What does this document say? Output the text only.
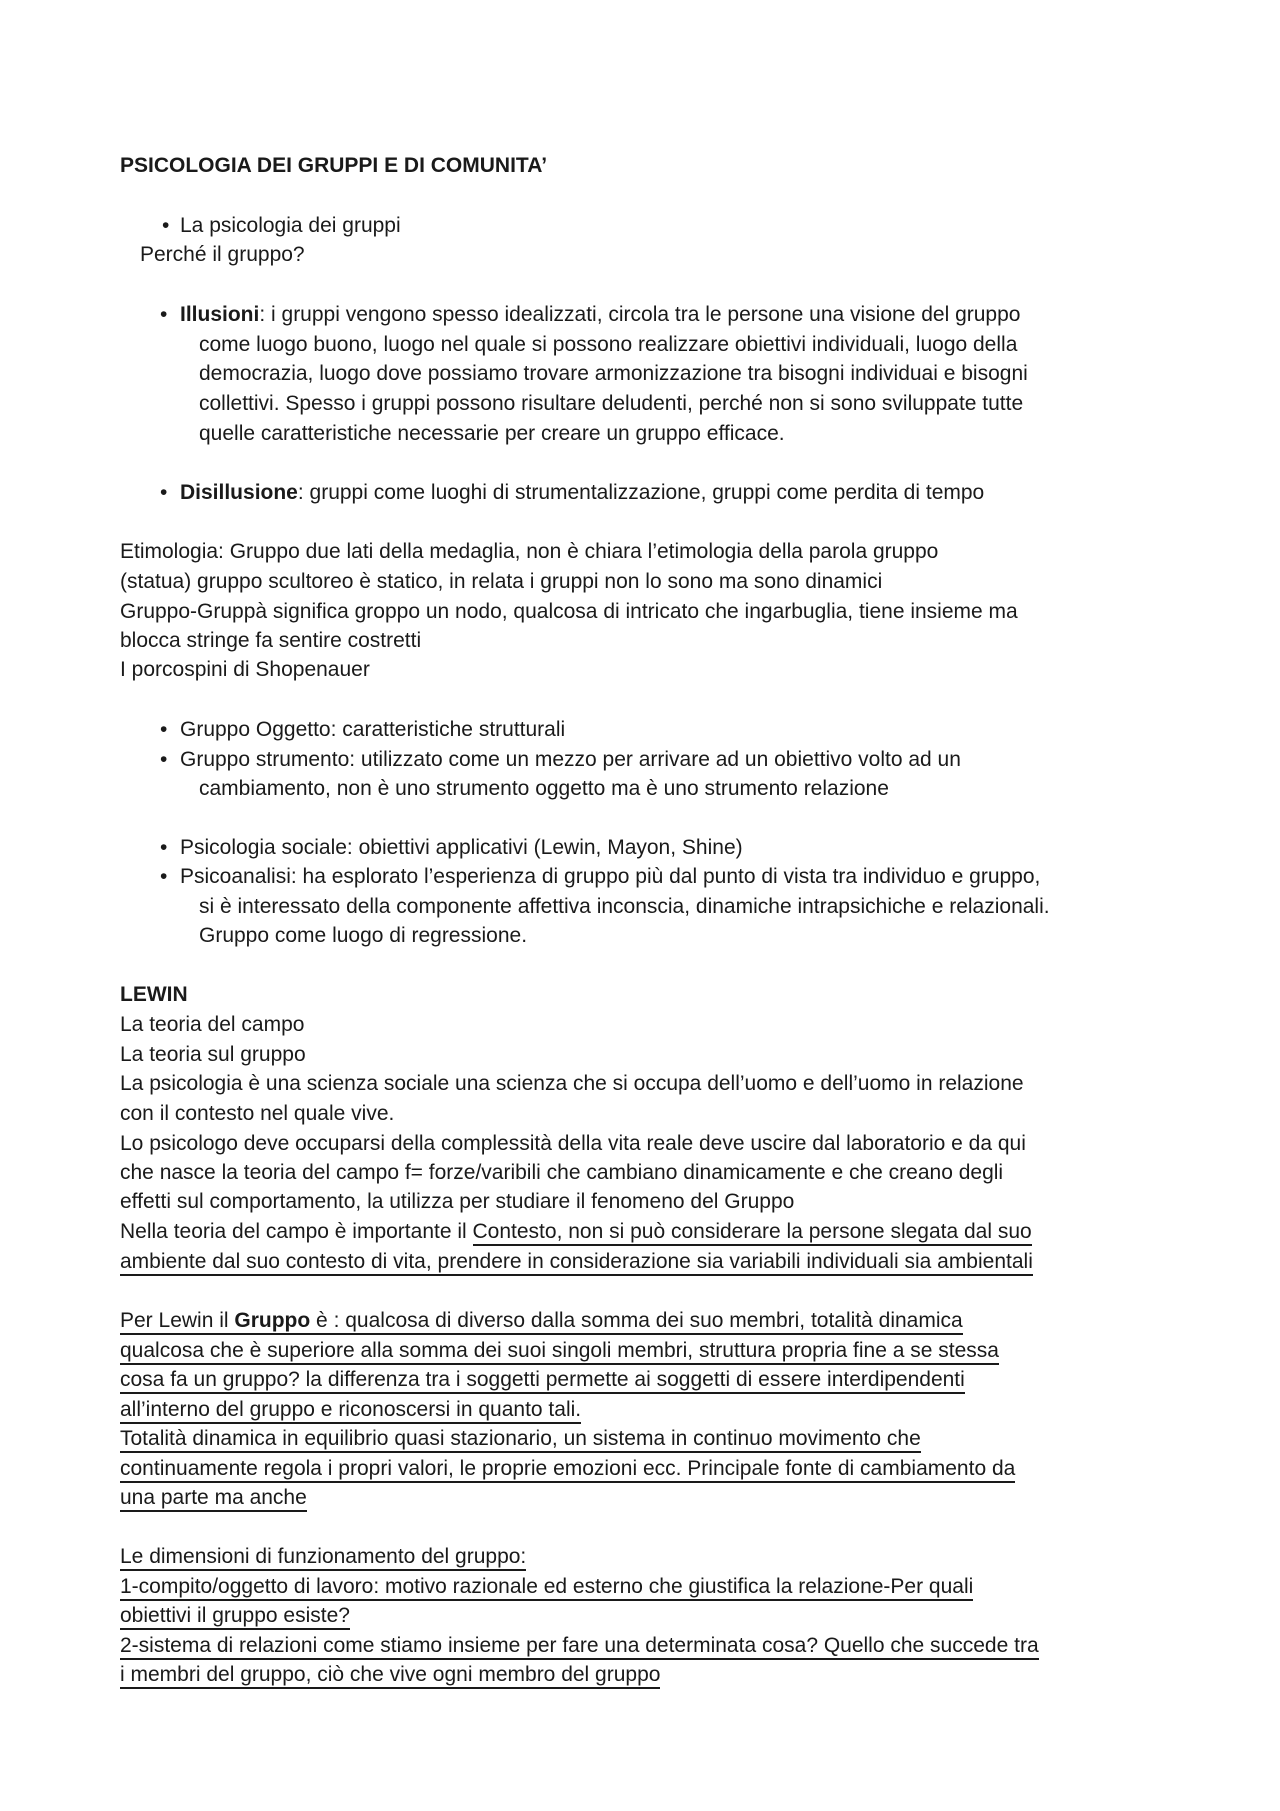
PSICOLOGIA DEI GRUPPI E DI COMUNITA’
• La psicologia dei gruppi
Perché il gruppo?
• Illusioni: i gruppi vengono spesso idealizzati, circola tra le persone una visione del gruppo
come luogo buono, luogo nel quale si possono realizzare obiettivi individuali, luogo della
democrazia, luogo dove possiamo trovare armonizzazione tra bisogni individuai e bisogni
collettivi. Spesso i gruppi possono risultare deludenti, perché non si sono sviluppate tutte
quelle caratteristiche necessarie per creare un gruppo efficace.
• Disillusione: gruppi come luoghi di strumentalizzazione, gruppi come perdita di tempo
Etimologia: Gruppo due lati della medaglia, non è chiara l’etimologia della parola gruppo
(statua) gruppo scultoreo è statico, in relata i gruppi non lo sono ma sono dinamici
Gruppo-Gruppà significa groppo un nodo, qualcosa di intricato che ingarbuglia, tiene insieme ma
blocca stringe fa sentire costretti
I porcospini di Shopenauer
• Gruppo Oggetto: caratteristiche strutturali
• Gruppo strumento: utilizzato come un mezzo per arrivare ad un obiettivo volto ad un
cambiamento, non è uno strumento oggetto ma è uno strumento relazione
• Psicologia sociale: obiettivi applicativi (Lewin, Mayon, Shine)
• Psicoanalisi: ha esplorato l’esperienza di gruppo più dal punto di vista tra individuo e gruppo,
si è interessato della componente affettiva inconscia, dinamiche intrapsichiche e relazionali.
Gruppo come luogo di regressione.
LEWIN
La teoria del campo
La teoria sul gruppo
La psicologia è una scienza sociale una scienza che si occupa dell’uomo e dell’uomo in relazione
con il contesto nel quale vive.
Lo psicologo deve occuparsi della complessità della vita reale deve uscire dal laboratorio e da qui
che nasce la teoria del campo f= forze/varibili che cambiano dinamicamente e che creano degli
effetti sul comportamento, la utilizza per studiare il fenomeno del Gruppo
Nella teoria del campo è importante il Contesto, non si può considerare la persone slegata dal suo
ambiente dal suo contesto di vita, prendere in considerazione sia variabili individuali sia ambientali
Per Lewin il Gruppo è : qualcosa di diverso dalla somma dei suo membri, totalità dinamica
qualcosa che è superiore alla somma dei suoi singoli membri, struttura propria fine a se stessa
cosa fa un gruppo? la differenza tra i soggetti permette ai soggetti di essere interdipendenti
all’interno del gruppo e riconoscersi in quanto tali.
Totalità dinamica in equilibrio quasi stazionario, un sistema in continuo movimento che
continuamente regola i propri valori, le proprie emozioni ecc. Principale fonte di cambiamento da
una parte ma anche
Le dimensioni di funzionamento del gruppo:
1-compito/oggetto di lavoro: motivo razionale ed esterno che giustifica la relazione-Per quali
obiettivi il gruppo esiste?
2-sistema di relazioni come stiamo insieme per fare una determinata cosa? Quello che succede tra
i membri del gruppo, ciò che vive ogni membro del gruppo
